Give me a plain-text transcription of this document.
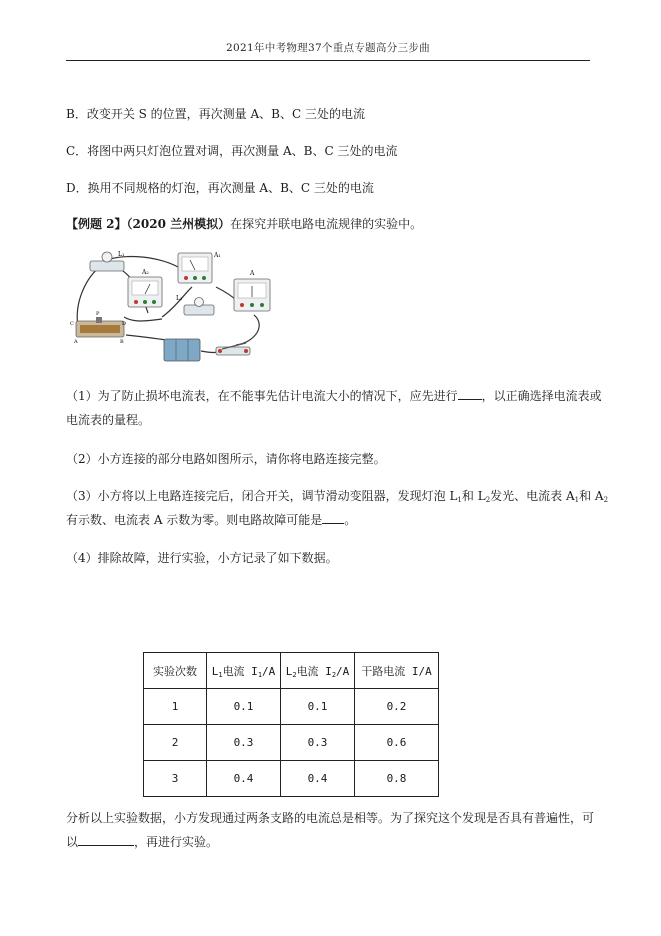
2021年中考物理37个重点专题高分三步曲
B．改变开关 S 的位置，再次测量 A、B、C 三处的电流
C．将图中两只灯泡位置对调，再次测量 A、B、C 三处的电流
D．换用不同规格的灯泡，再次测量 A、B、C 三处的电流
【例题 2】（2020 兰州模拟）在探究并联电路电流规律的实验中。
L₁
A₂
A₁
L₂
A
C
P
D
A	B
（1）为了防止损坏电流表，在不能事先估计电流大小的情况下，应先进行 ，以正确选择电流表或
电流表的量程。
（2）小方连接的部分电路如图所示，请你将电路连接完整。
（3）小方将以上电路连接完后，闭合开关，调节滑动变阻器，发现灯泡 $L_1$和 $L_2$发光、电流表 $A_1$和 $A_2$
有示数、电流表 A 示数为零。则电路故障可能是 。
（4）排除故障，进行实验，小方记录了如下数据。
实验次数	$L_1$电流 $I_1/A$	$L_2$电流 $I_2/A$	干路电流 I/A
1	0.1	0.1	0.2
2	0.3	0.3	0.6
3	0.4	0.4	0.8
分析以上实验数据，小方发现通过两条支路的电流总是相等。为了探究这个发现是否具有普遍性，可
以	，再进行实验。
